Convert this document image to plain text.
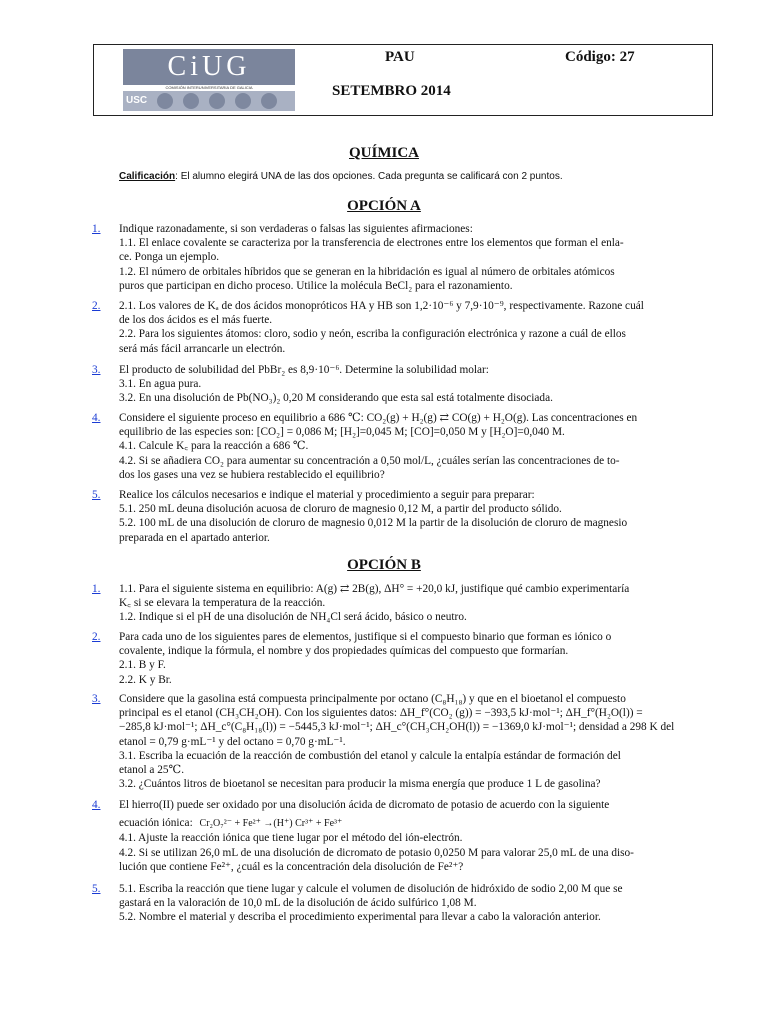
CiUG
COMISIÓN INTERUNIVERSITARIA DE GALICIA
USC
PAU	Código: 27
SETEMBRO 2014
QUÍMICA
Calificación: El alumno elegirá UNA de las dos opciones. Cada pregunta se calificará con 2 puntos.
OPCIÓN A
1. Indique razonadamente, si son verdaderas o falsas las siguientes afirmaciones:
1.1. El enlace covalente se caracteriza por la transferencia de electrones entre los elementos que forman el enla-
ce. Ponga un ejemplo.
1.2. El número de orbitales híbridos que se generan en la hibridación es igual al número de orbitales atómicos
puros que participan en dicho proceso. Utilice la molécula BeCl₂ para el razonamiento.
2. 2.1. Los valores de Kₐ de dos ácidos monopróticos HA y HB son 1,2·10⁻⁶ y 7,9·10⁻⁹, respectivamente. Razone cuál
de los dos ácidos es el más fuerte.
2.2. Para los siguientes átomos: cloro, sodio y neón, escriba la configuración electrónica y razone a cuál de ellos
será más fácil arrancarle un electrón.
3. El producto de solubilidad del PbBr₂ es 8,9·10⁻⁶. Determine la solubilidad molar:
3.1. En agua pura.
3.2. En una disolución de Pb(NO₃)₂ 0,20 M considerando que esta sal está totalmente disociada.
4. Considere el siguiente proceso en equilibrio a 686 ℃: CO₂(g) + H₂(g) ⇄ CO(g) + H₂O(g). Las concentraciones en
equilibrio de las especies son: [CO₂] = 0,086 M; [H₂]=0,045 M; [CO]=0,050 M y [H₂O]=0,040 M.
4.1. Calcule K꜀ para la reacción a 686 ℃.
4.2. Si se añadiera CO₂ para aumentar su concentración a 0,50 mol/L, ¿cuáles serían las concentraciones de to-
dos los gases una vez se hubiera restablecido el equilibrio?
5. Realice los cálculos necesarios e indique el material y procedimiento a seguir para preparar:
5.1. 250 mL deuna disolución acuosa de cloruro de magnesio 0,12 M, a partir del producto sólido.
5.2. 100 mL de una disolución de cloruro de magnesio 0,012 M la partir de la disolución de cloruro de magnesio
preparada en el apartado anterior.
OPCIÓN B
1. 1.1. Para el siguiente sistema en equilibrio: A(g) ⇄ 2B(g), ΔH° = +20,0 kJ, justifique qué cambio experimentaría
K꜀ si se elevara la temperatura de la reacción.
1.2. Indique si el pH de una disolución de NH₄Cl será ácido, básico o neutro.
2. Para cada uno de los siguientes pares de elementos, justifique si el compuesto binario que forman es iónico o
covalente, indique la fórmula, el nombre y dos propiedades químicas del compuesto que formarían.
2.1. B y F.
2.2. K y Br.
3. Considere que la gasolina está compuesta principalmente por octano (C₈H₁₈) y que en el bioetanol el compuesto
principal es el etanol (CH₃CH₂OH). Con los siguientes datos: ΔH_f°(CO₂ (g)) = −393,5 kJ·mol⁻¹; ΔH_f°(H₂O(l)) =
−285,8 kJ·mol⁻¹; ΔH_c°(C₈H₁₈(l)) = −5445,3 kJ·mol⁻¹; ΔH_c°(CH₃CH₂OH(l)) = −1369,0 kJ·mol⁻¹; densidad a 298 K del
etanol = 0,79 g·mL⁻¹ y del octano = 0,70 g·mL⁻¹.
3.1. Escriba la ecuación de la reacción de combustión del etanol y calcule la entalpía estándar de formación del
etanol a 25℃.
3.2. ¿Cuántos litros de bioetanol se necesitan para producir la misma energía que produce 1 L de gasolina?
4. El hierro(II) puede ser oxidado por una disolución ácida de dicromato de potasio de acuerdo con la siguiente
ecuación iónica: Cr₂O₇²⁻ + Fe²⁺ →(H⁺) Cr³⁺ + Fe³⁺
4.1. Ajuste la reacción iónica que tiene lugar por el método del ión-electrón.
4.2. Si se utilizan 26,0 mL de una disolución de dicromato de potasio 0,0250 M para valorar 25,0 mL de una diso-
lución que contiene Fe²⁺, ¿cuál es la concentración dela disolución de Fe²⁺?
5. 5.1. Escriba la reacción que tiene lugar y calcule el volumen de disolución de hidróxido de sodio 2,00 M que se
gastará en la valoración de 10,0 mL de la disolución de ácido sulfúrico 1,08 M.
5.2. Nombre el material y describa el procedimiento experimental para llevar a cabo la valoración anterior.
